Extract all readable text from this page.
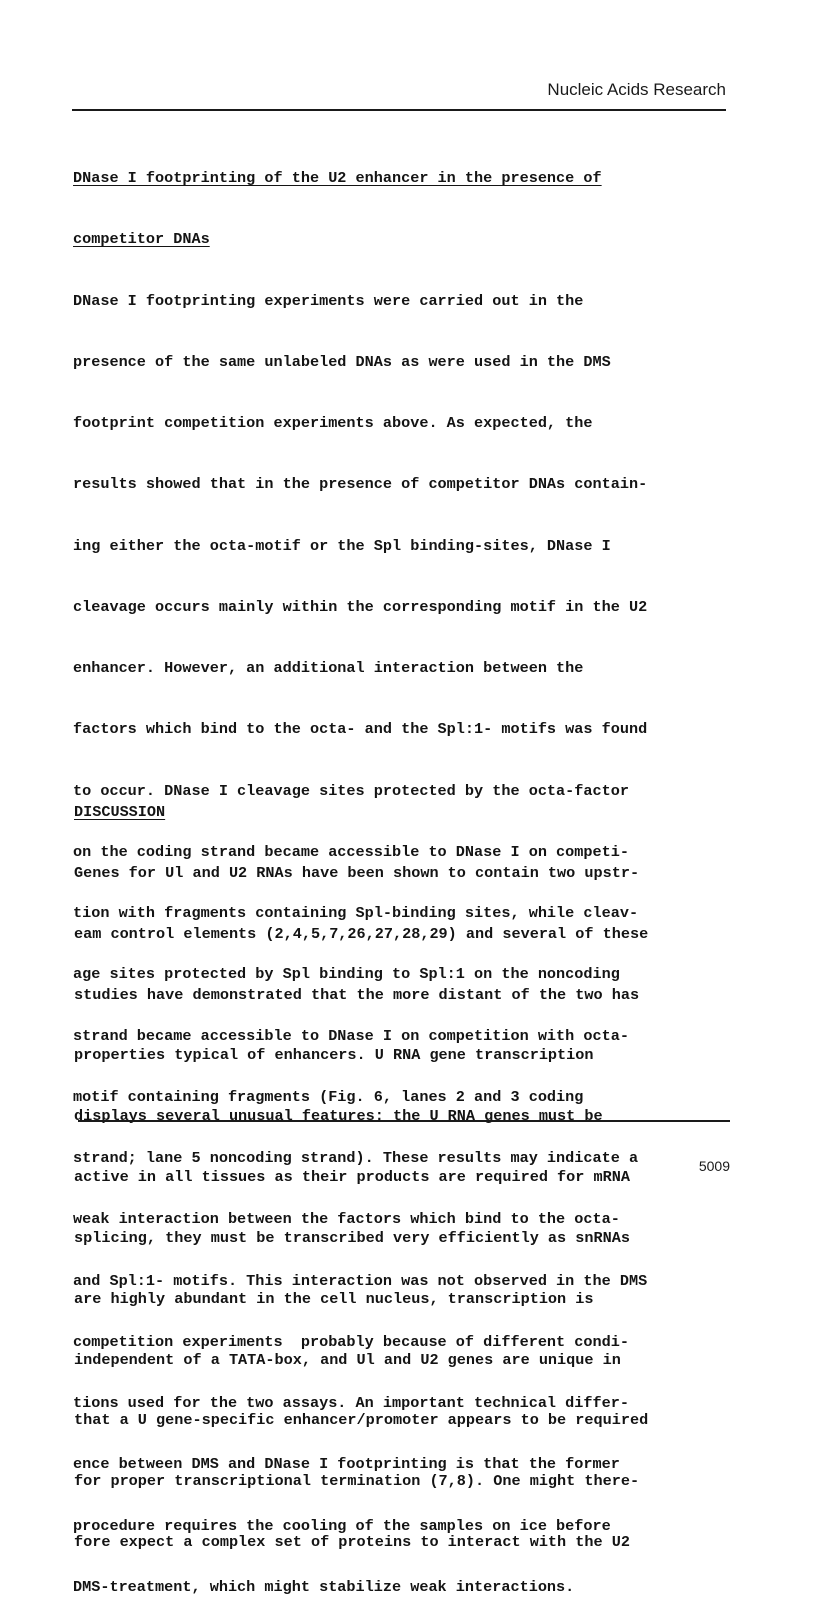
Nucleic Acids Research

DNase I footprinting of the U2 enhancer in the presence of

competitor DNAs

DNase I footprinting experiments were carried out in the

presence of the same unlabeled DNAs as were used in the DMS

footprint competition experiments above. As expected, the

results showed that in the presence of competitor DNAs contain-

ing either the octa-motif or the Spl binding-sites, DNase I

cleavage occurs mainly within the corresponding motif in the U2

enhancer. However, an additional interaction between the

factors which bind to the octa- and the Spl:1- motifs was found

to occur. DNase I cleavage sites protected by the octa-factor

on the coding strand became accessible to DNase I on competi-

tion with fragments containing Spl-binding sites, while cleav-

age sites protected by Spl binding to Spl:1 on the noncoding

strand became accessible to DNase I on competition with octa-

motif containing fragments (Fig. 6, lanes 2 and 3 coding

strand; lane 5 noncoding strand). These results may indicate a

weak interaction between the factors which bind to the octa-

and Spl:1- motifs. This interaction was not observed in the DMS

competition experiments  probably because of different condi-

tions used for the two assays. An important technical differ-

ence between DMS and DNase I footprinting is that the former

procedure requires the cooling of the samples on ice before

DMS-treatment, which might stabilize weak interactions.

DISCUSSION

Genes for Ul and U2 RNAs have been shown to contain two upstr-

eam control elements (2,4,5,7,26,27,28,29) and several of these

studies have demonstrated that the more distant of the two has

properties typical of enhancers. U RNA gene transcription

displays several unusual features: the U RNA genes must be

active in all tissues as their products are required for mRNA

splicing, they must be transcribed very efficiently as snRNAs

are highly abundant in the cell nucleus, transcription is

independent of a TATA-box, and Ul and U2 genes are unique in

that a U gene-specific enhancer/promoter appears to be required

for proper transcriptional termination (7,8). One might there-

fore expect a complex set of proteins to interact with the U2

5009
